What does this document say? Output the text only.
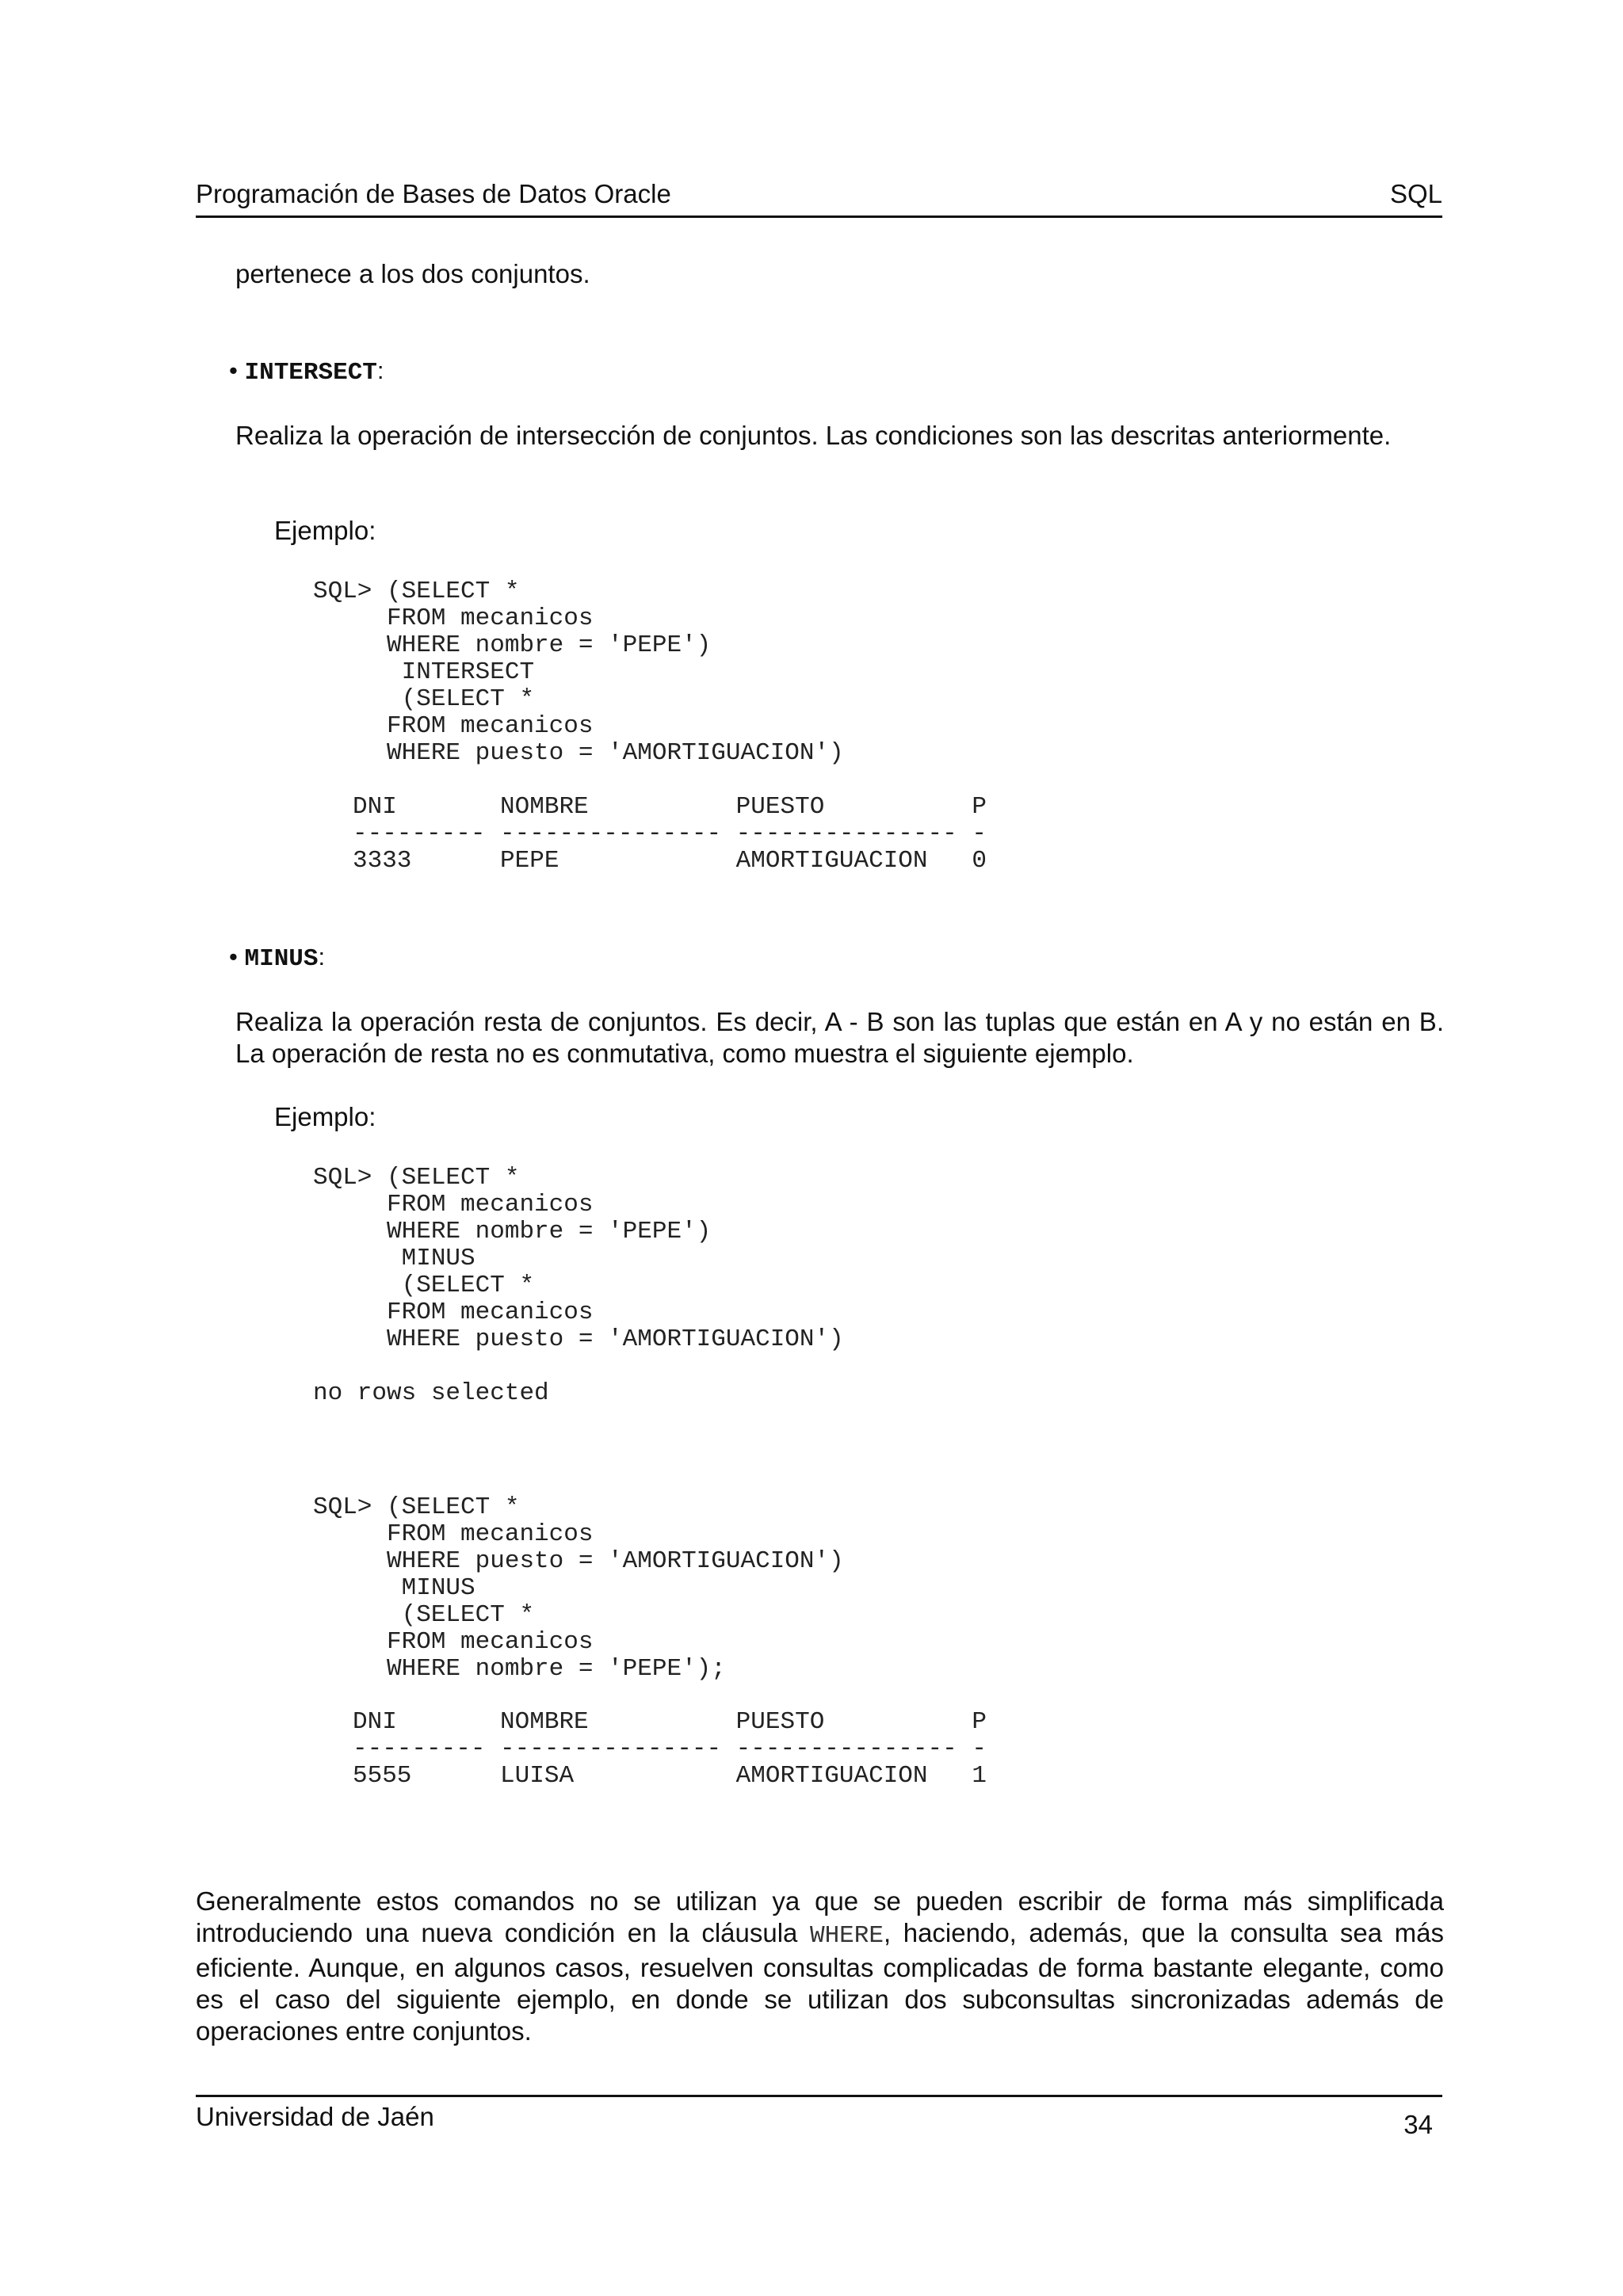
Programación de Bases de Datos Oracle	SQL

pertenece a los dos conjuntos.

• INTERSECT:

Realiza la operación de intersección de conjuntos. Las condiciones son las descritas anteriormente.

Ejemplo:

SQL> (SELECT *
FROM mecanicos
WHERE nombre = 'PEPE')
INTERSECT
(SELECT *
FROM mecanicos
WHERE puesto = 'AMORTIGUACION')
DNI       NOMBRE          PUESTO          P
--------- --------------- --------------- -
3333      PEPE            AMORTIGUACION   0
• MINUS:

Realiza la operación resta de conjuntos. Es decir, A - B son las tuplas que están en A y no están en B. La operación de resta no es conmutativa, como muestra el siguiente ejemplo.

Ejemplo:

SQL> (SELECT *
FROM mecanicos
WHERE nombre = 'PEPE')
MINUS
(SELECT *
FROM mecanicos
WHERE puesto = 'AMORTIGUACION')
no rows selected
SQL> (SELECT *
FROM mecanicos
WHERE puesto = 'AMORTIGUACION')
MINUS
(SELECT *
FROM mecanicos
WHERE nombre = 'PEPE');
DNI       NOMBRE          PUESTO          P
--------- --------------- --------------- -
5555      LUISA           AMORTIGUACION   1

Generalmente estos comandos no se utilizan ya que se pueden escribir de forma más simplificada introduciendo una nueva condición en la cláusula WHERE, haciendo, además, que la consulta sea más eficiente. Aunque, en algunos casos, resuelven consultas complicadas de forma bastante elegante, como es el caso del siguiente ejemplo, en donde se utilizan dos subconsultas sincronizadas además de operaciones entre conjuntos.

Universidad de Jaén	34
